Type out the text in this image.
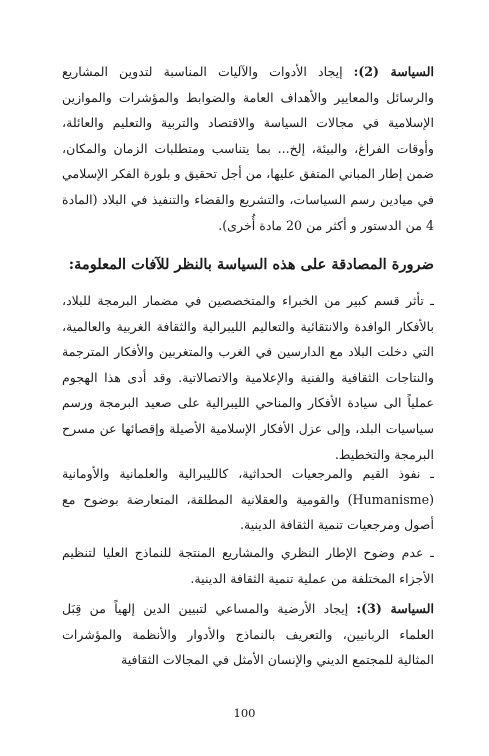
السياسة (2): إيجاد الأدوات والآليات المناسبة لتدوين المشاريع والرسائل والمعايير والأهداف العامة والضوابط والمؤشرات والموازين الإسلامية في مجالات السياسة والاقتصاد والتربية والتعليم والعائلة، وأوقات الفراغ، والبيئة، إلخ... بما يتناسب ومتطلبات الزمان والمكان، ضمن إطار المباني المتفق عليها، من أجل تحقيق و بلورة الفكر الإسلامي في ميادين رسم السياسات، والتشريع والقضاء والتنفيذ في البلاد (المادة 4 من الدستور و أكثر من 20 مادة أُخرى).

ضرورة المصادقة على هذه السياسة بالنظر للآفات المعلومة:

ـ تأثر قسم كبير من الخبراء والمتخصصين في مضمار البرمجة للبلاد، بالأفكار الوافدة والانتقائية والتعاليم الليبرالية والثقافة الغربية والعالمية، التي دخلت البلاد مع الدارسين في الغرب والمتغربين والأفكار المترجمة والنتاجات الثقافية والفنية والإعلامية والاتصالاتية. وقد أدى هذا الهجوم عملياً الى سيادة الأفكار والمناحي الليبرالية على صعيد البرمجة ورسم سياسيات البلد، وإلى عزل الأفكار الإسلامية الأصيلة وإقصائها عن مسرح البرمجة والتخطيط.

ـ نفوذ القيم والمرجعيات الحداثية، كالليبرالية والعلمانية والأومانية (Humanisme) والقومية والعقلانية المطلقة، المتعارضة بوضوح مع أصول ومرجعيات تنمية الثقافة الدينية.

ـ عدم وضوح الإطار النظري والمشاريع المنتجة للنماذج العليا لتنظيم الأجزاء المختلفة من عملية تنمية الثقافة الدينية.

السياسة (3): إيجاد الأرضية والمساعي لتبيين الدين إلهياً من قِبَل العلماء الربانيين، والتعريف بالنماذج والأدوار والأنظمة والمؤشرات المثالية للمجتمع الديني والإنسان الأمثل في المجالات الثقافية

100
